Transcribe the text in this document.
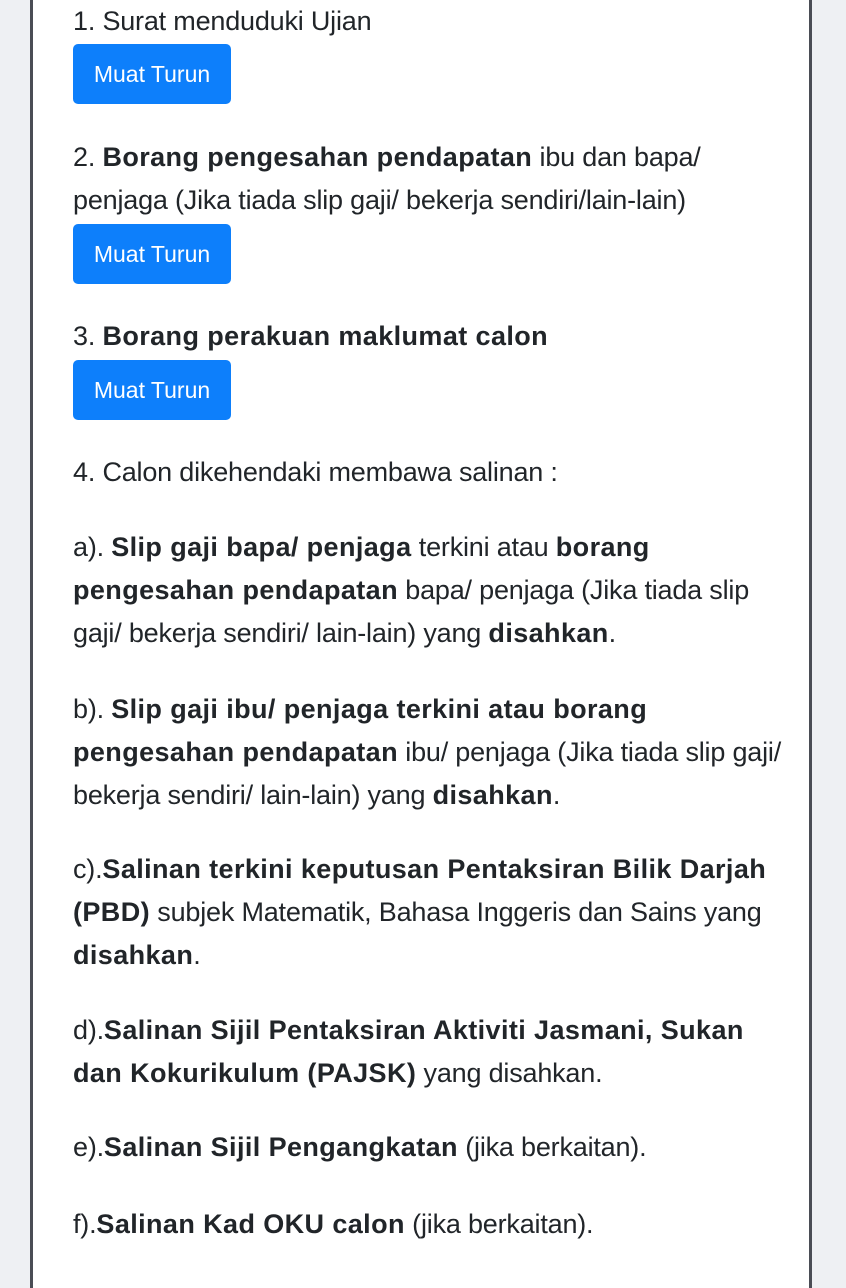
1. Surat menduduki Ujian

Muat Turun

2. Borang pengesahan pendapatan ibu dan bapa/ penjaga (Jika tiada slip gaji/ bekerja sendiri/lain-lain)

Muat Turun

3. Borang perakuan maklumat calon

Muat Turun

4. Calon dikehendaki membawa salinan :

a). Slip gaji bapa/ penjaga terkini atau borang pengesahan pendapatan bapa/ penjaga (Jika tiada slip gaji/ bekerja sendiri/ lain-lain) yang disahkan.

b). Slip gaji ibu/ penjaga terkini atau borang pengesahan pendapatan ibu/ penjaga (Jika tiada slip gaji/ bekerja sendiri/ lain-lain) yang disahkan.

c).Salinan terkini keputusan Pentaksiran Bilik Darjah (PBD) subjek Matematik, Bahasa Inggeris dan Sains yang disahkan.

d).Salinan Sijil Pentaksiran Aktiviti Jasmani, Sukan dan Kokurikulum (PAJSK) yang disahkan.

e).Salinan Sijil Pengangkatan (jika berkaitan).

f).Salinan Kad OKU calon (jika berkaitan).
